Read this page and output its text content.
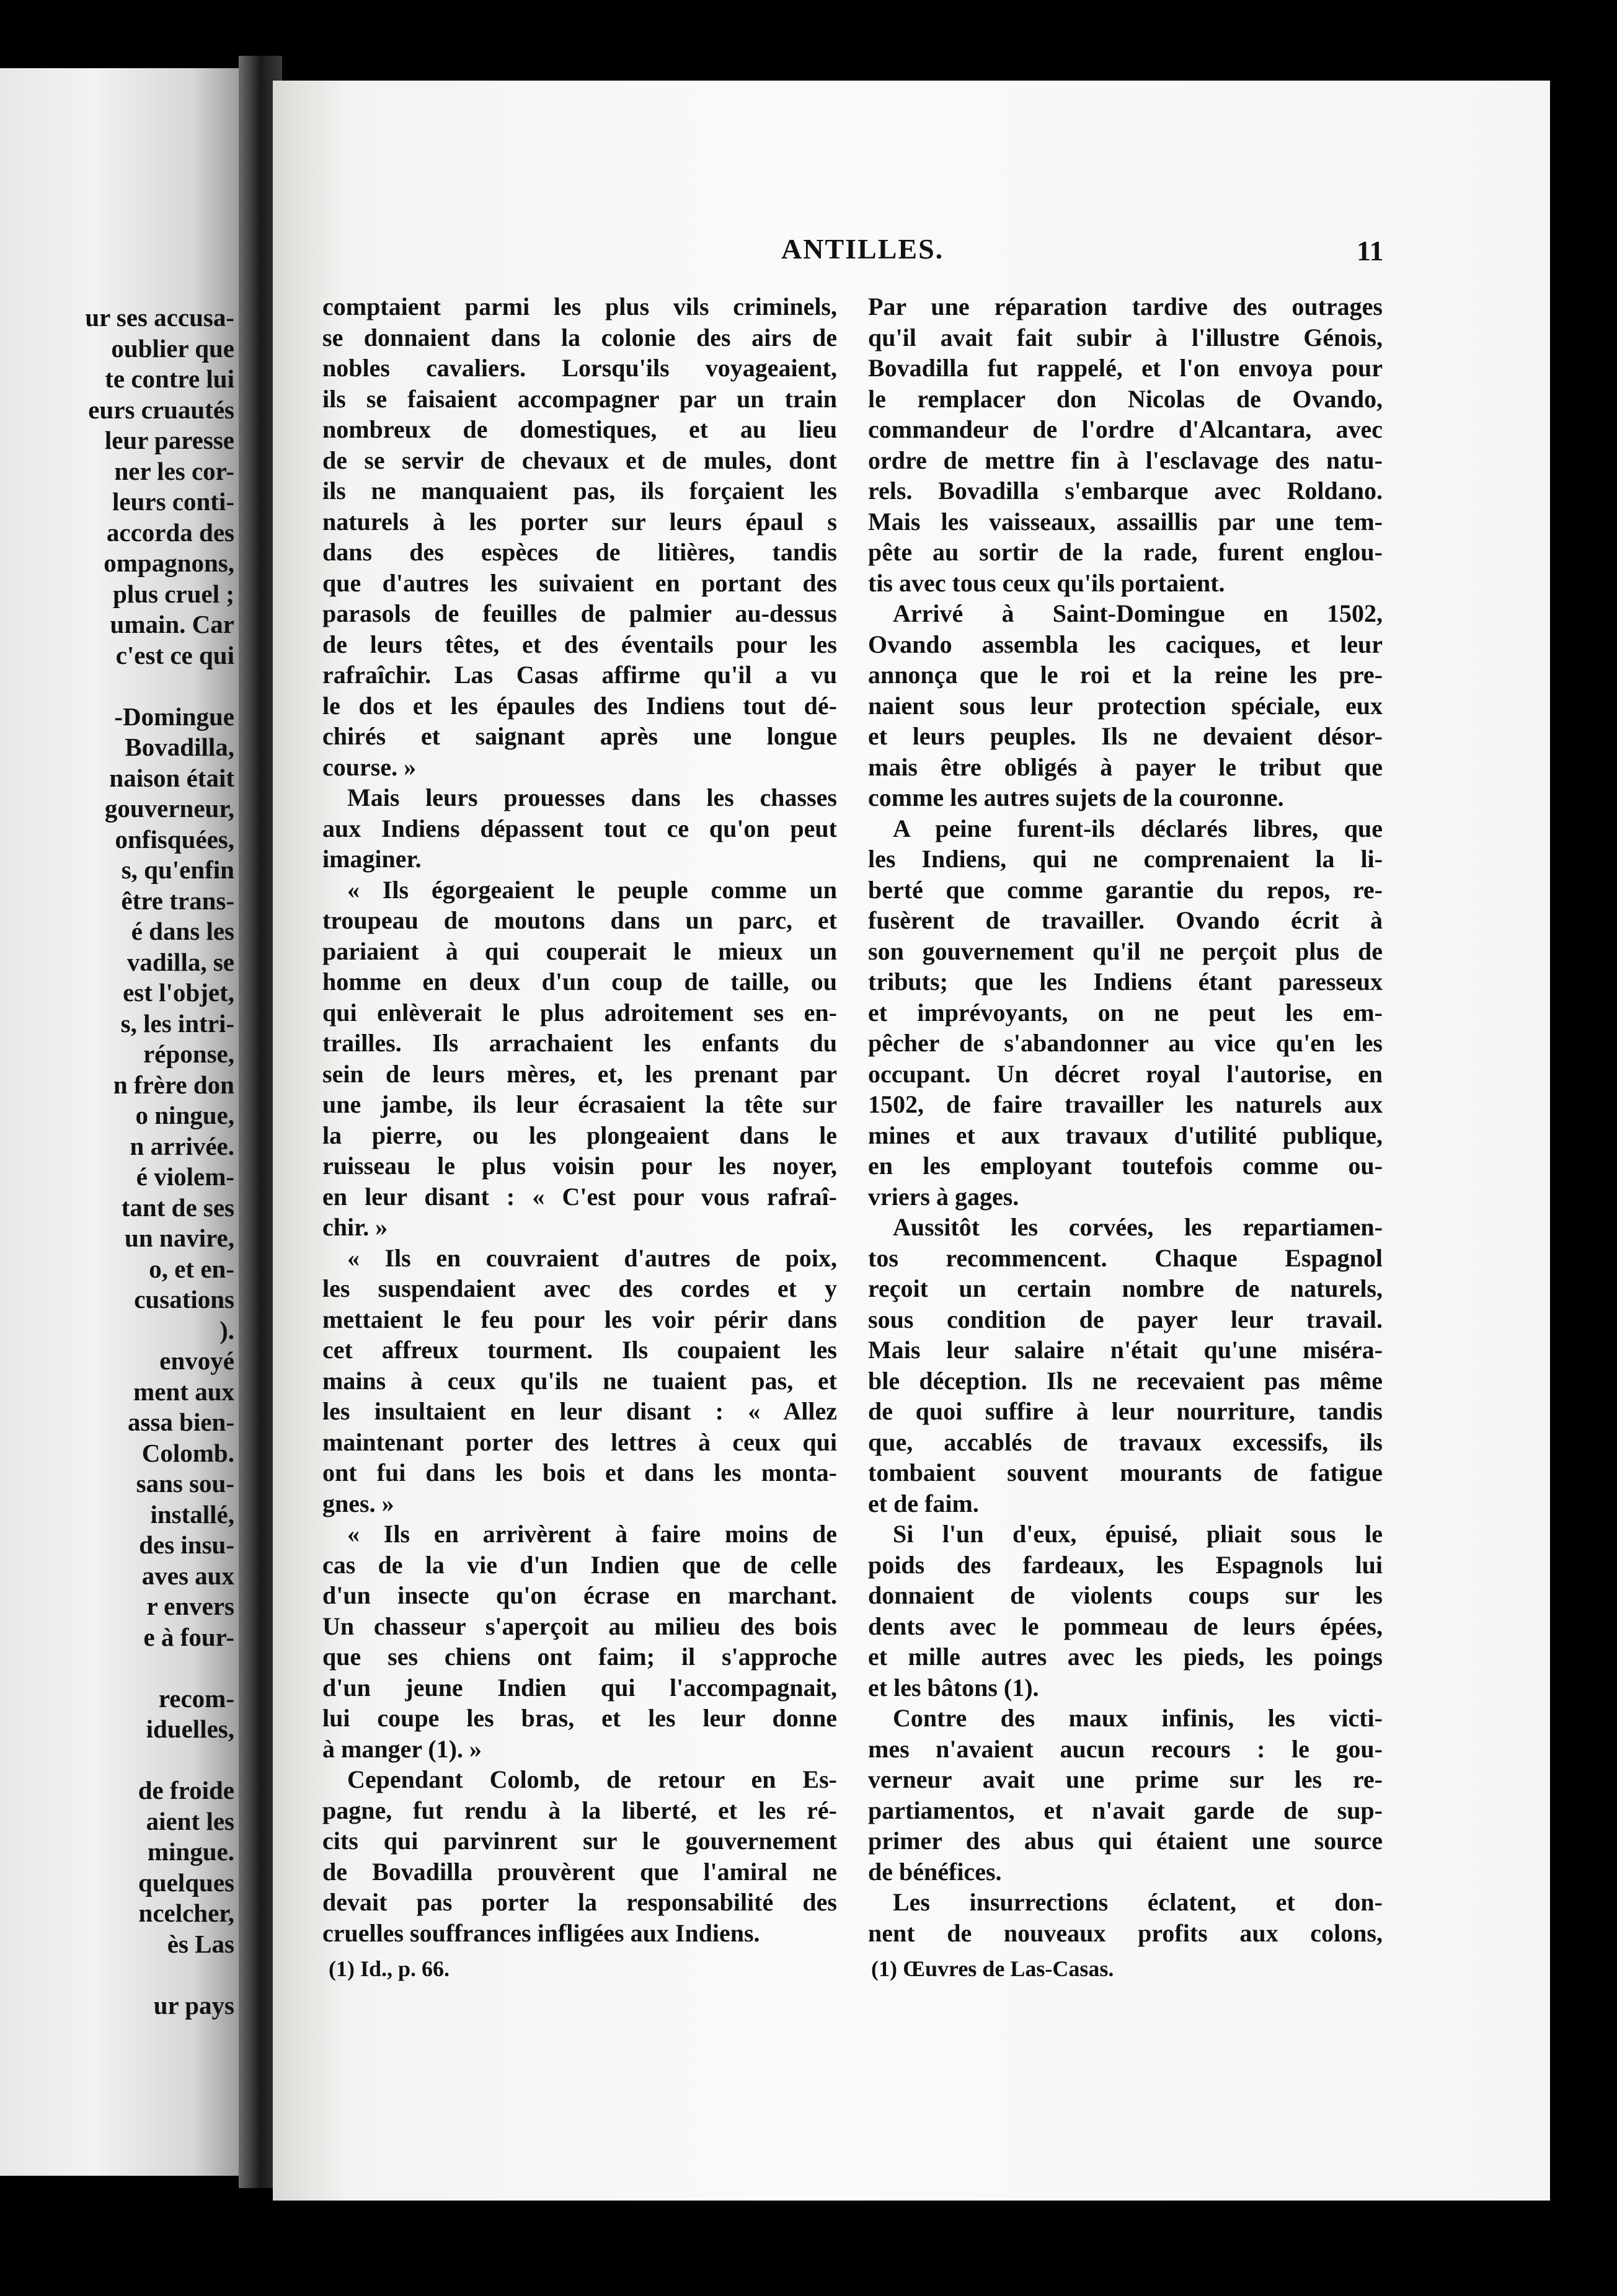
ur ses accusa-
oublier que
te contre lui
eurs cruautés
leur paresse
ner les cor-
leurs conti-
accorda des
ompagnons,
plus cruel ;
umain. Car
c'est ce qui
-Domingue
Bovadilla,
naison était
gouverneur,
onfisquées,
s, qu'enfin
être trans-
é dans les
vadilla, se
est l'objet,
s, les intri-
réponse,
n frère don
o ningue,
n arrivée.
é violem-
tant de ses
un navire,
o, et en-
cusations
).
envoyé
ment aux
assa bien-
Colomb.
sans sou-
installé,
des insu-
aves aux
r envers
e à four-
recom-
iduelles,
de froide
aient les
mingue.
quelques
ncelcher,
ès Las
ur pays
ANTILLES.	11
comptaient parmi les plus vils criminels,
se donnaient dans la colonie des airs de
nobles cavaliers. Lorsqu'ils voyageaient,
ils se faisaient accompagner par un train
nombreux de domestiques, et au lieu
de se servir de chevaux et de mules, dont
ils ne manquaient pas, ils forçaient les
naturels à les porter sur leurs épaul s
dans des espèces de litières, tandis
que d'autres les suivaient en portant des
parasols de feuilles de palmier au-dessus
de leurs têtes, et des éventails pour les
rafraîchir. Las Casas affirme qu'il a vu
le dos et les épaules des Indiens tout dé-
chirés et saignant après une longue
course. »
Mais leurs prouesses dans les chasses
aux Indiens dépassent tout ce qu'on peut
imaginer.
« Ils égorgeaient le peuple comme un
troupeau de moutons dans un parc, et
pariaient à qui couperait le mieux un
homme en deux d'un coup de taille, ou
qui enlèverait le plus adroitement ses en-
trailles. Ils arrachaient les enfants du
sein de leurs mères, et, les prenant par
une jambe, ils leur écrasaient la tête sur
la pierre, ou les plongeaient dans le
ruisseau le plus voisin pour les noyer,
en leur disant : « C'est pour vous rafraî-
chir. »
« Ils en couvraient d'autres de poix,
les suspendaient avec des cordes et y
mettaient le feu pour les voir périr dans
cet affreux tourment. Ils coupaient les
mains à ceux qu'ils ne tuaient pas, et
les insultaient en leur disant : « Allez
maintenant porter des lettres à ceux qui
ont fui dans les bois et dans les monta-
gnes. »
« Ils en arrivèrent à faire moins de
cas de la vie d'un Indien que de celle
d'un insecte qu'on écrase en marchant.
Un chasseur s'aperçoit au milieu des bois
que ses chiens ont faim; il s'approche
d'un jeune Indien qui l'accompagnait,
lui coupe les bras, et les leur donne
à manger (1). »
Cependant Colomb, de retour en Es-
pagne, fut rendu à la liberté, et les ré-
cits qui parvinrent sur le gouvernement
de Bovadilla prouvèrent que l'amiral ne
devait pas porter la responsabilité des
cruelles souffrances infligées aux Indiens.
Par une réparation tardive des outrages
qu'il avait fait subir à l'illustre Génois,
Bovadilla fut rappelé, et l'on envoya pour
le remplacer don Nicolas de Ovando,
commandeur de l'ordre d'Alcantara, avec
ordre de mettre fin à l'esclavage des natu-
rels. Bovadilla s'embarque avec Roldano.
Mais les vaisseaux, assaillis par une tem-
pête au sortir de la rade, furent englou-
tis avec tous ceux qu'ils portaient.
Arrivé à Saint-Domingue en 1502,
Ovando assembla les caciques, et leur
annonça que le roi et la reine les pre-
naient sous leur protection spéciale, eux
et leurs peuples. Ils ne devaient désor-
mais être obligés à payer le tribut que
comme les autres sujets de la couronne.
A peine furent-ils déclarés libres, que
les Indiens, qui ne comprenaient la li-
berté que comme garantie du repos, re-
fusèrent de travailler. Ovando écrit à
son gouvernement qu'il ne perçoit plus de
tributs; que les Indiens étant paresseux
et imprévoyants, on ne peut les em-
pêcher de s'abandonner au vice qu'en les
occupant. Un décret royal l'autorise, en
1502, de faire travailler les naturels aux
mines et aux travaux d'utilité publique,
en les employant toutefois comme ou-
vriers à gages.
Aussitôt les corvées, les repartiamen-
tos recommencent. Chaque Espagnol
reçoit un certain nombre de naturels,
sous condition de payer leur travail.
Mais leur salaire n'était qu'une miséra-
ble déception. Ils ne recevaient pas même
de quoi suffire à leur nourriture, tandis
que, accablés de travaux excessifs, ils
tombaient souvent mourants de fatigue
et de faim.
Si l'un d'eux, épuisé, pliait sous le
poids des fardeaux, les Espagnols lui
donnaient de violents coups sur les
dents avec le pommeau de leurs épées,
et mille autres avec les pieds, les poings
et les bâtons (1).
Contre des maux infinis, les victi-
mes n'avaient aucun recours : le gou-
verneur avait une prime sur les re-
partiamentos, et n'avait garde de sup-
primer des abus qui étaient une source
de bénéfices.
Les insurrections éclatent, et don-
nent de nouveaux profits aux colons,
(1) Id., p. 66.	(1) Œuvres de Las-Casas.
